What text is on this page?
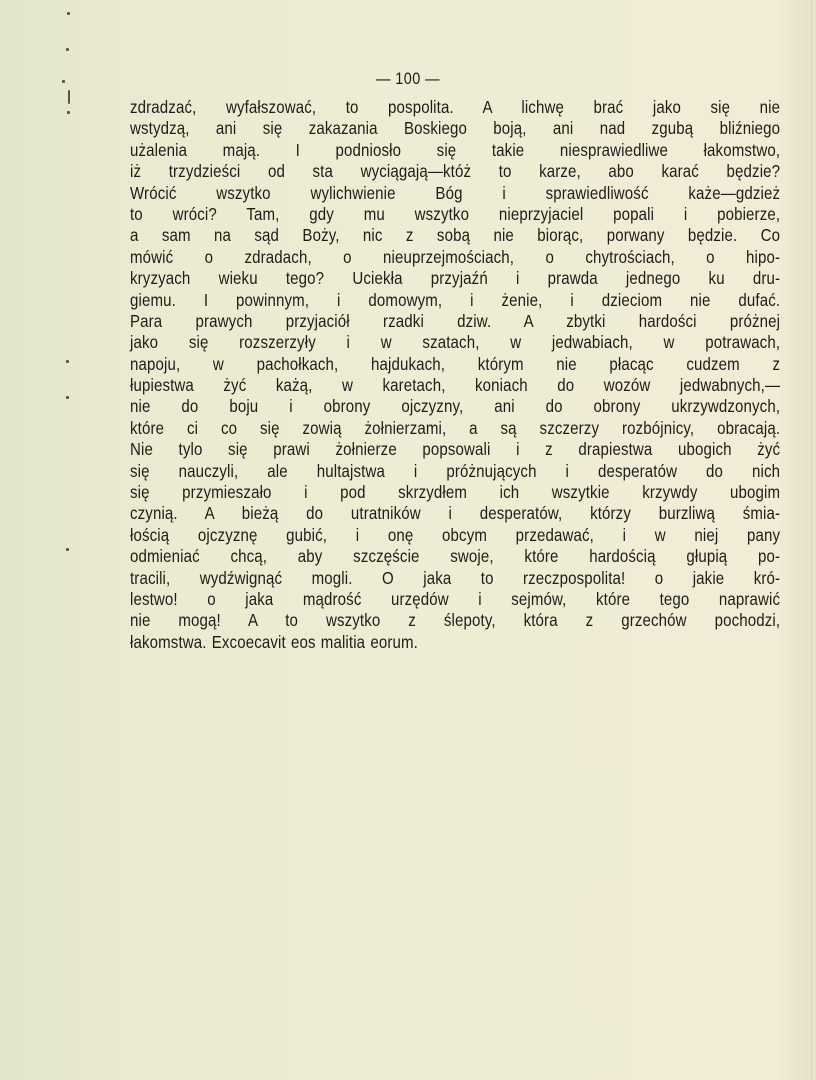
— 100 —
zdradzać, wyfałszować, to pospolita. A lichwę brać jako się nie
wstydzą, ani się zakazania Boskiego boją, ani nad zgubą bliźniego
użalenia mają. I podniosło się takie niesprawiedliwe łakomstwo,
iż trzydzieści od sta wyciągają—któż to karze, abo karać będzie?
Wrócić wszytko wylichwienie Bóg i sprawiedliwość każe—gdzież
to wróci? Tam, gdy mu wszytko nieprzyjaciel popali i pobierze,
a sam na sąd Boży, nic z sobą nie biorąc, porwany będzie. Co
mówić o zdradach, o nieuprzejmościach, o chytrościach, o hipo-
kryzyach wieku tego? Uciekła przyjaźń i prawda jednego ku dru-
giemu. I powinnym, i domowym, i żenie, i dzieciom nie dufać.
Para prawych przyjaciół rzadki dziw. A zbytki hardości próżnej
jako się rozszerzyły i w szatach, w jedwabiach, w potrawach,
napoju, w pachołkach, hajdukach, którym nie płacąc cudzem z
łupiestwa żyć każą, w karetach, koniach do wozów jedwabnych,—
nie do boju i obrony ojczyzny, ani do obrony ukrzywdzonych,
które ci co się zowią żołnierzami, a są szczerzy rozbójnicy, obracają.
Nie tylo się prawi żołnierze popsowali i z drapiestwa ubogich żyć
się nauczyli, ale hultajstwa i próżnujących i desperatów do nich
się przymieszało i pod skrzydłem ich wszytkie krzywdy ubogim
czynią. A bieżą do utratników i desperatów, którzy burzliwą śmia-
łością ojczyznę gubić, i onę obcym przedawać, i w niej pany
odmieniać chcą, aby szczęście swoje, które hardością głupią po-
tracili, wydźwignąć mogli. O jaka to rzeczpospolita! o jakie kró-
lestwo! o jaka mądrość urzędów i sejmów, które tego naprawić
nie mogą! A to wszytko z ślepoty, która z grzechów pochodzi,
łakomstwa. Excoecavit eos malitia eorum.
